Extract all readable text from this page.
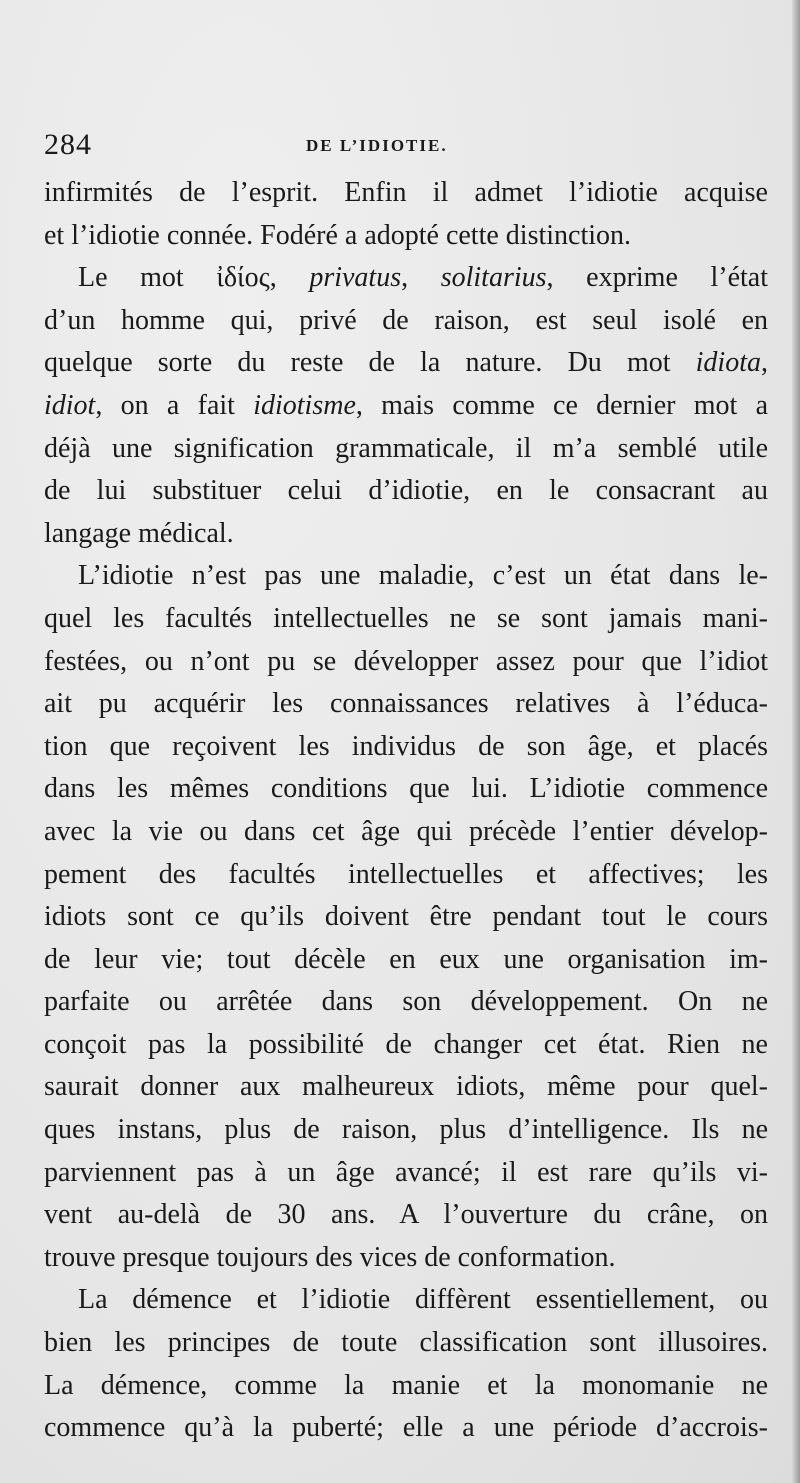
284	DE L’IDIOTIE.
infirmités de l’esprit. Enfin il admet l’idiotie acquise
et l’idiotie connée. Fodéré a adopté cette distinction.
Le mot ἰδίος, privatus, solitarius, exprime l’état
d’un homme qui, privé de raison, est seul isolé en
quelque sorte du reste de la nature. Du mot idiota,
idiot, on a fait idiotisme, mais comme ce dernier mot a
déjà une signification grammaticale, il m’a semblé utile
de lui substituer celui d’idiotie, en le consacrant au
langage médical.
L’idiotie n’est pas une maladie, c’est un état dans le-
quel les facultés intellectuelles ne se sont jamais mani-
festées, ou n’ont pu se développer assez pour que l’idiot
ait pu acquérir les connaissances relatives à l’éduca-
tion que reçoivent les individus de son âge, et placés
dans les mêmes conditions que lui. L’idiotie commence
avec la vie ou dans cet âge qui précède l’entier dévelop-
pement des facultés intellectuelles et affectives; les
idiots sont ce qu’ils doivent être pendant tout le cours
de leur vie; tout décèle en eux une organisation im-
parfaite ou arrêtée dans son développement. On ne
conçoit pas la possibilité de changer cet état. Rien ne
saurait donner aux malheureux idiots, même pour quel-
ques instans, plus de raison, plus d’intelligence. Ils ne
parviennent pas à un âge avancé; il est rare qu’ils vi-
vent au-delà de 30 ans. A l’ouverture du crâne, on
trouve presque toujours des vices de conformation.
La démence et l’idiotie diffèrent essentiellement, ou
bien les principes de toute classification sont illusoires.
La démence, comme la manie et la monomanie ne
commence qu’à la puberté; elle a une période d’accrois-
